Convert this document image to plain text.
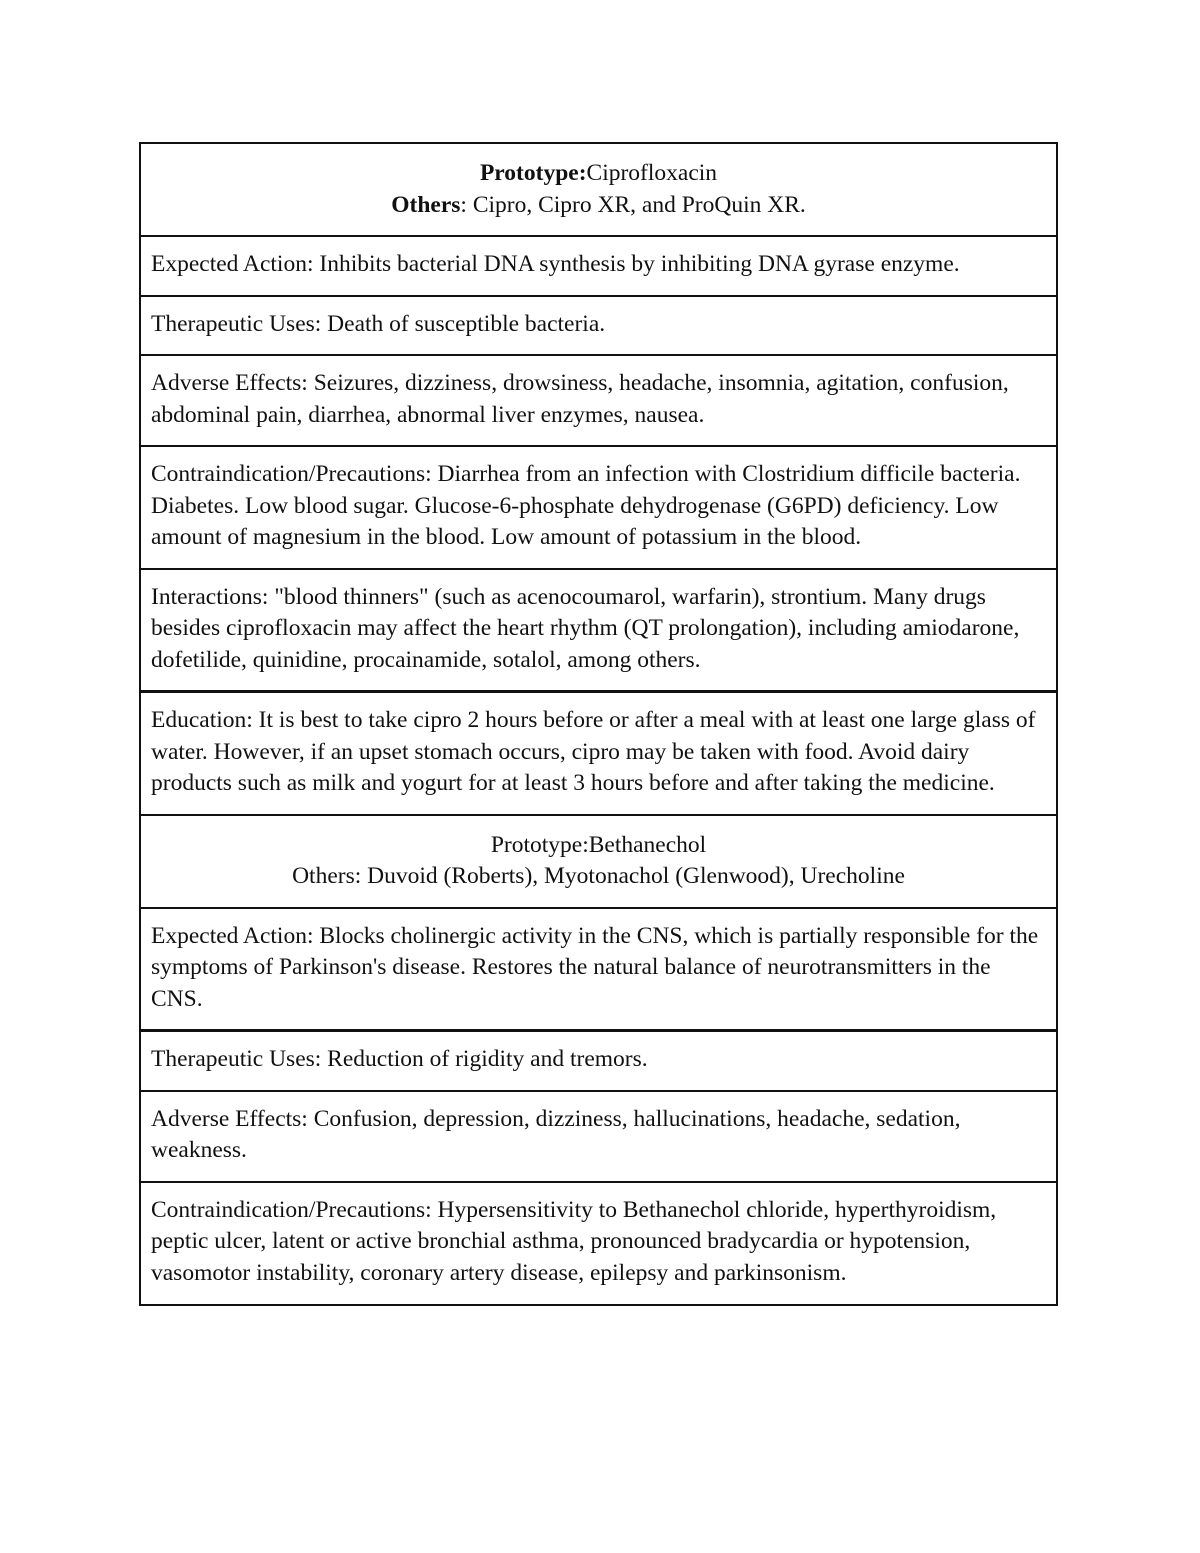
Prototype:Ciprofloxacin
Others: Cipro, Cipro XR, and ProQuin XR.
Expected Action: Inhibits bacterial DNA synthesis by inhibiting DNA gyrase enzyme.
Therapeutic Uses: Death of susceptible bacteria.
Adverse Effects: Seizures, dizziness, drowsiness, headache, insomnia, agitation, confusion, abdominal pain, diarrhea, abnormal liver enzymes, nausea.
Contraindication/Precautions: Diarrhea from an infection with Clostridium difficile bacteria. Diabetes. Low blood sugar. Glucose-6-phosphate dehydrogenase (G6PD) deficiency. Low amount of magnesium in the blood. Low amount of potassium in the blood.
Interactions: "blood thinners" (such as acenocoumarol, warfarin), strontium. Many drugs besides ciprofloxacin may affect the heart rhythm (QT prolongation), including amiodarone, dofetilide, quinidine, procainamide, sotalol, among others.
Education: It is best to take cipro 2 hours before or after a meal with at least one large glass of water. However, if an upset stomach occurs, cipro may be taken with food. Avoid dairy products such as milk and yogurt for at least 3 hours before and after taking the medicine.
Prototype:Bethanechol
Others: Duvoid (Roberts), Myotonachol (Glenwood), Urecholine
Expected Action: Blocks cholinergic activity in the CNS, which is partially responsible for the symptoms of Parkinson's disease. Restores the natural balance of neurotransmitters in the CNS.
Therapeutic Uses: Reduction of rigidity and tremors.
Adverse Effects: Confusion, depression, dizziness, hallucinations, headache, sedation, weakness.
Contraindication/Precautions: Hypersensitivity to Bethanechol chloride, hyperthyroidism, peptic ulcer, latent or active bronchial asthma, pronounced bradycardia or hypotension, vasomotor instability, coronary artery disease, epilepsy and parkinsonism.
